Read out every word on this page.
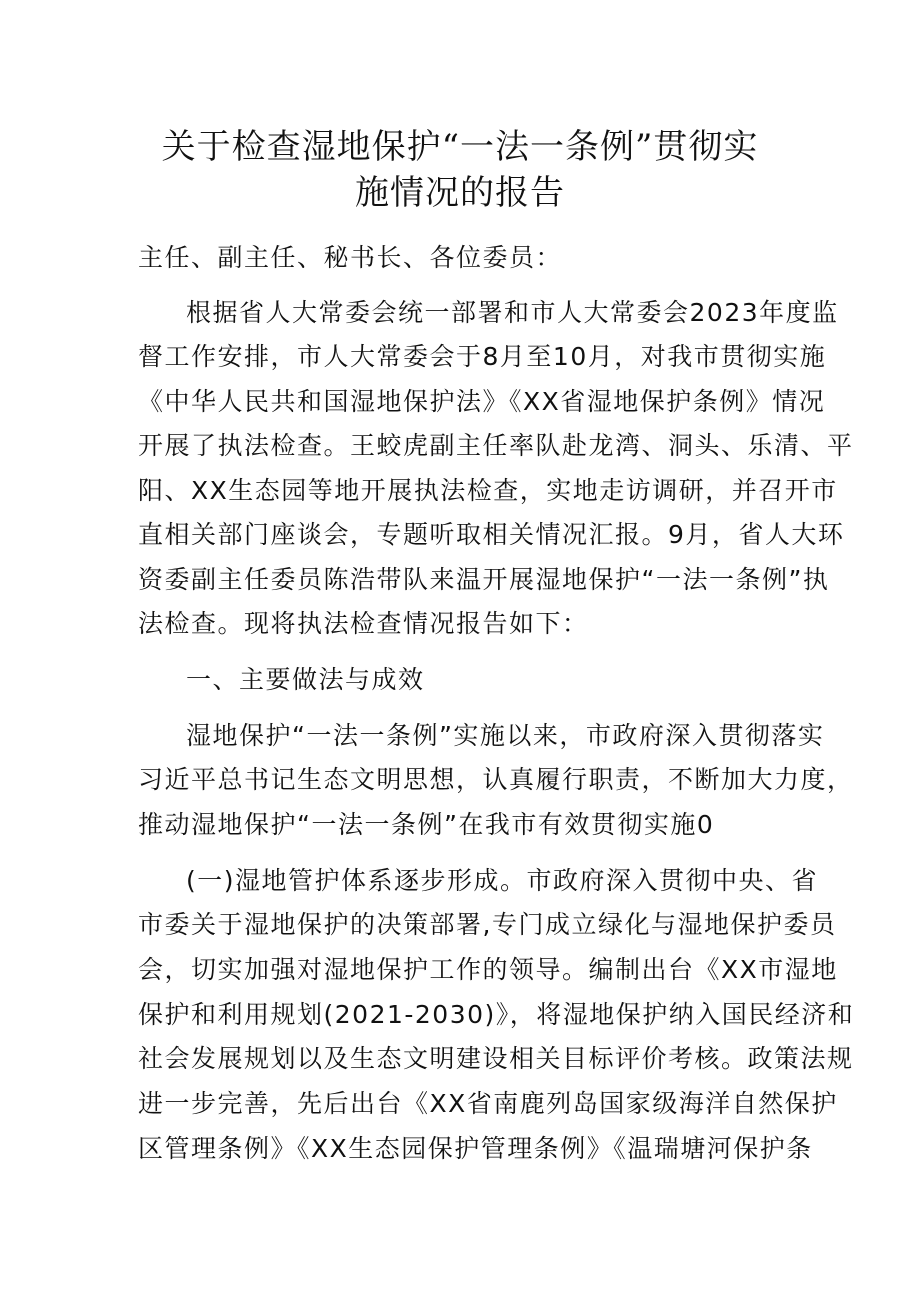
关于检查湿地保护“一法一条例”贯彻实
施情况的报告
主任、副主任、秘书长、各位委员：
根据省人大常委会统一部署和市人大常委会2023年度监
督工作安排，市人大常委会于8月至10月，对我市贯彻实施
《中华人民共和国湿地保护法》《XX省湿地保护条例》情况
开展了执法检查。王蛟虎副主任率队赴龙湾、洞头、乐清、平
阳、XX生态园等地开展执法检查，实地走访调研，并召开市
直相关部门座谈会，专题听取相关情况汇报。9月，省人大环
资委副主任委员陈浩带队来温开展湿地保护“一法一条例”执
法检查。现将执法检查情况报告如下：
一、主要做法与成效
湿地保护“一法一条例”实施以来，市政府深入贯彻落实
习近平总书记生态文明思想，认真履行职责，不断加大力度，
推动湿地保护“一法一条例”在我市有效贯彻实施0
(一)湿地管护体系逐步形成。市政府深入贯彻中央、省
市委关于湿地保护的决策部署,专门成立绿化与湿地保护委员
会，切实加强对湿地保护工作的领导。编制出台《XX市湿地
保护和利用规划(2021-2030)》，将湿地保护纳入国民经济和
社会发展规划以及生态文明建设相关目标评价考核。政策法规
进一步完善，先后出台《XX省南鹿列岛国家级海洋自然保护
区管理条例》《XX生态园保护管理条例》《温瑞塘河保护条
